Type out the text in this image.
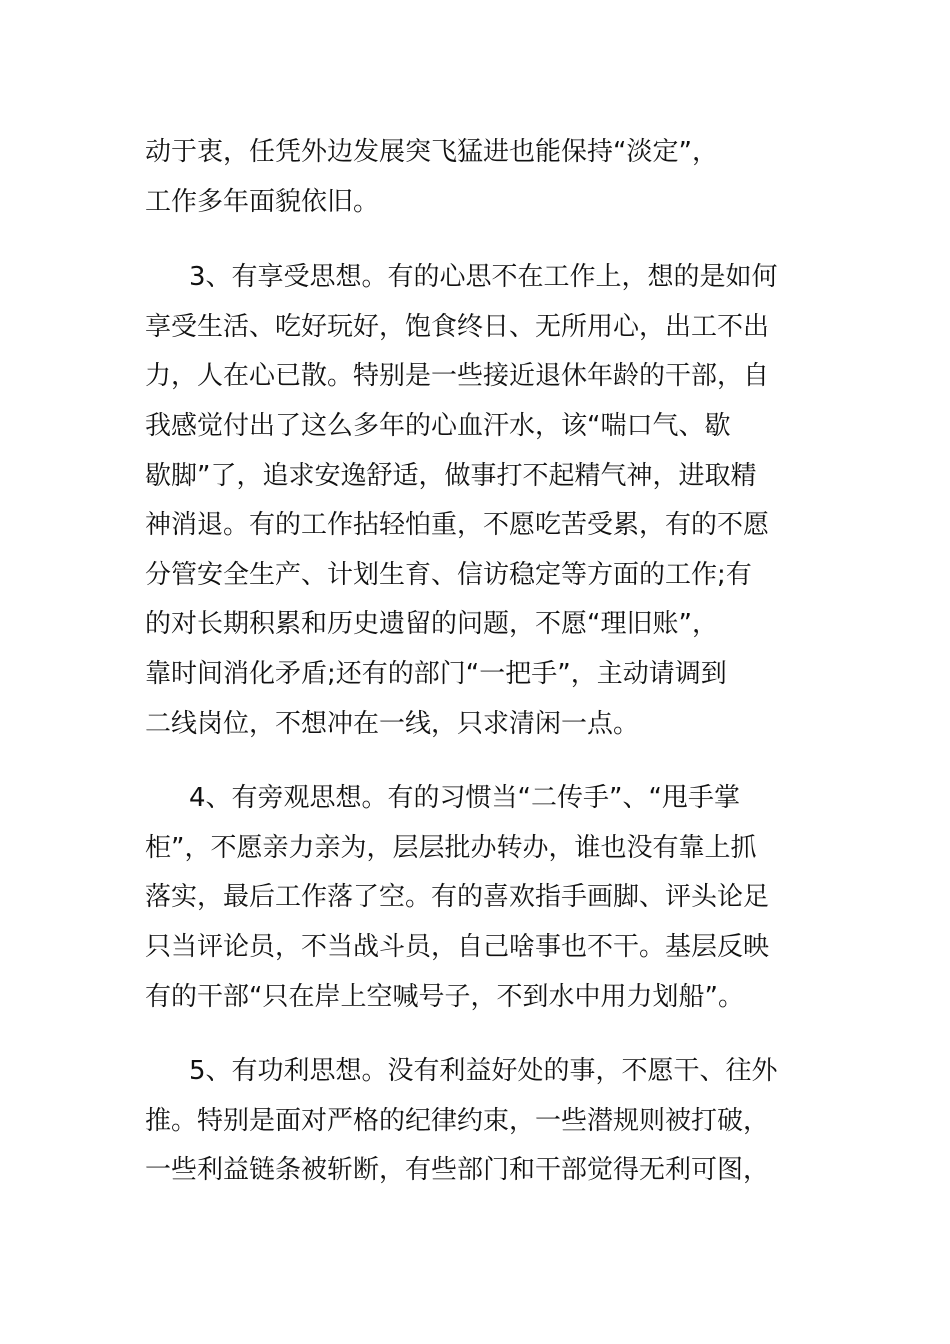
动于衷，任凭外边发展突飞猛进也能保持“淡定”，
工作多年面貌依旧。

3、有享受思想。有的心思不在工作上，想的是如何
享受生活、吃好玩好，饱食终日、无所用心，出工不出
力，人在心已散。特别是一些接近退休年龄的干部，自
我感觉付出了这么多年的心血汗水，该“喘口气、歇
歇脚”了，追求安逸舒适，做事打不起精气神，进取精
神消退。有的工作拈轻怕重，不愿吃苦受累，有的不愿
分管安全生产、计划生育、信访稳定等方面的工作;有
的对长期积累和历史遗留的问题，不愿“理旧账”，
靠时间消化矛盾;还有的部门“一把手”，主动请调到
二线岗位，不想冲在一线，只求清闲一点。

4、有旁观思想。有的习惯当“二传手”、“甩手掌
柜”，不愿亲力亲为，层层批办转办，谁也没有靠上抓
落实，最后工作落了空。有的喜欢指手画脚、评头论足
只当评论员，不当战斗员，自己啥事也不干。基层反映
有的干部“只在岸上空喊号子，不到水中用力划船”。

5、有功利思想。没有利益好处的事，不愿干、往外
推。特别是面对严格的纪律约束，一些潜规则被打破，
一些利益链条被斩断，有些部门和干部觉得无利可图，
